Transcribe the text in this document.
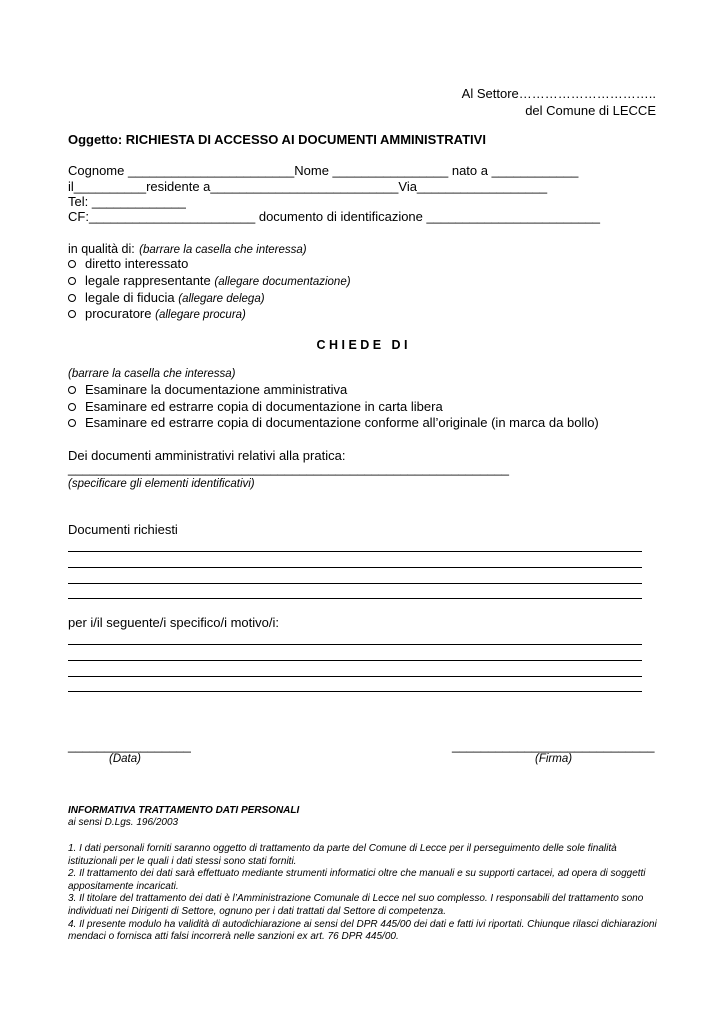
Al Settore…………………………..
del Comune di LECCE
Oggetto: RICHIESTA DI ACCESSO AI DOCUMENTI AMMINISTRATIVI
Cognome _______________________Nome ________________ nato a ____________
il__________residente a__________________________Via__________________
Tel: _____________
CF:_______________________ documento di identificazione ________________________
in qualità di: (barrare la casella che interessa)
diretto interessato
legale rappresentante (allegare documentazione)
legale di fiducia (allegare delega)
procuratore (allegare procura)
C H I E D E   D I
(barrare la casella che interessa)
Esaminare la documentazione amministrativa
Esaminare ed estrarre copia di documentazione in carta libera
Esaminare ed estrarre copia di documentazione conforme all’originale (in marca da bollo)
Dei documenti amministrativi relativi alla pratica:
_____________________________________________________________
(specificare gli elementi identificativi)
Documenti richiesti
per i/il seguente/i specifico/i motivo/i:
_________________
(Data)
____________________________
(Firma)
INFORMATIVA TRATTAMENTO DATI PERSONALI
ai sensi D.Lgs. 196/2003

1. I dati personali forniti saranno oggetto di trattamento da parte del Comune di Lecce per il perseguimento delle sole finalità istituzionali per le quali i dati stessi sono stati forniti.

2. Il trattamento dei dati sarà effettuato mediante strumenti informatici oltre che manuali e su supporti cartacei, ad opera di soggetti appositamente incaricati.

3. Il titolare del trattamento dei dati è l’Amministrazione Comunale di Lecce nel suo complesso. I responsabili del trattamento sono individuati nei Dirigenti di Settore, ognuno per i dati trattati dal Settore di competenza.

4. Il presente modulo ha validità di autodichiarazione ai sensi del DPR 445/00 dei dati e fatti ivi riportati. Chiunque rilasci dichiarazioni mendaci o fornisca atti falsi incorrerà nelle sanzioni ex art. 76 DPR 445/00.
